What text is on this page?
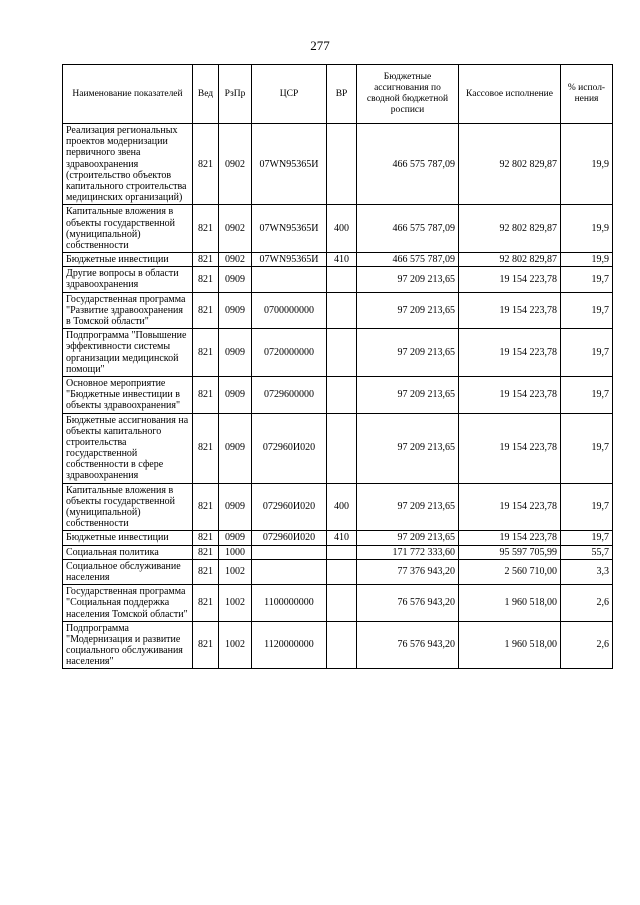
277
Наименование показателей	Вед	РзПр	ЦСР	ВР	Бюджетные ассигнования по сводной бюджетной росписи	Кассовое исполнение	% испол-нения
Реализация региональных проектов модернизации первичного звена здравоохранения (строительство объектов капитального строительства медицинских организаций)	821	0902	07WN95365И		466 575 787,09	92 802 829,87	19,9
Капитальные вложения в объекты государственной (муниципальной) собственности	821	0902	07WN95365И	400	466 575 787,09	92 802 829,87	19,9
Бюджетные инвестиции	821	0902	07WN95365И	410	466 575 787,09	92 802 829,87	19,9
Другие вопросы в области здравоохранения	821	0909			97 209 213,65	19 154 223,78	19,7
Государственная программа "Развитие здравоохранения в Томской области"	821	0909	0700000000		97 209 213,65	19 154 223,78	19,7
Подпрограмма "Повышение эффективности системы организации медицинской помощи"	821	0909	0720000000		97 209 213,65	19 154 223,78	19,7
Основное мероприятие "Бюджетные инвестиции в объекты здравоохранения"	821	0909	0729600000		97 209 213,65	19 154 223,78	19,7
Бюджетные ассигнования на объекты капитального строительства государственной собственности в сфере здравоохранения	821	0909	072960И020		97 209 213,65	19 154 223,78	19,7
Капитальные вложения в объекты государственной (муниципальной) собственности	821	0909	072960И020	400	97 209 213,65	19 154 223,78	19,7
Бюджетные инвестиции	821	0909	072960И020	410	97 209 213,65	19 154 223,78	19,7
Социальная политика	821	1000			171 772 333,60	95 597 705,99	55,7
Социальное обслуживание населения	821	1002			77 376 943,20	2 560 710,00	3,3
Государственная программа "Социальная поддержка населения Томской области"	821	1002	1100000000		76 576 943,20	1 960 518,00	2,6
Подпрограмма "Модернизация и развитие социального обслуживания населения"	821	1002	1120000000		76 576 943,20	1 960 518,00	2,6
